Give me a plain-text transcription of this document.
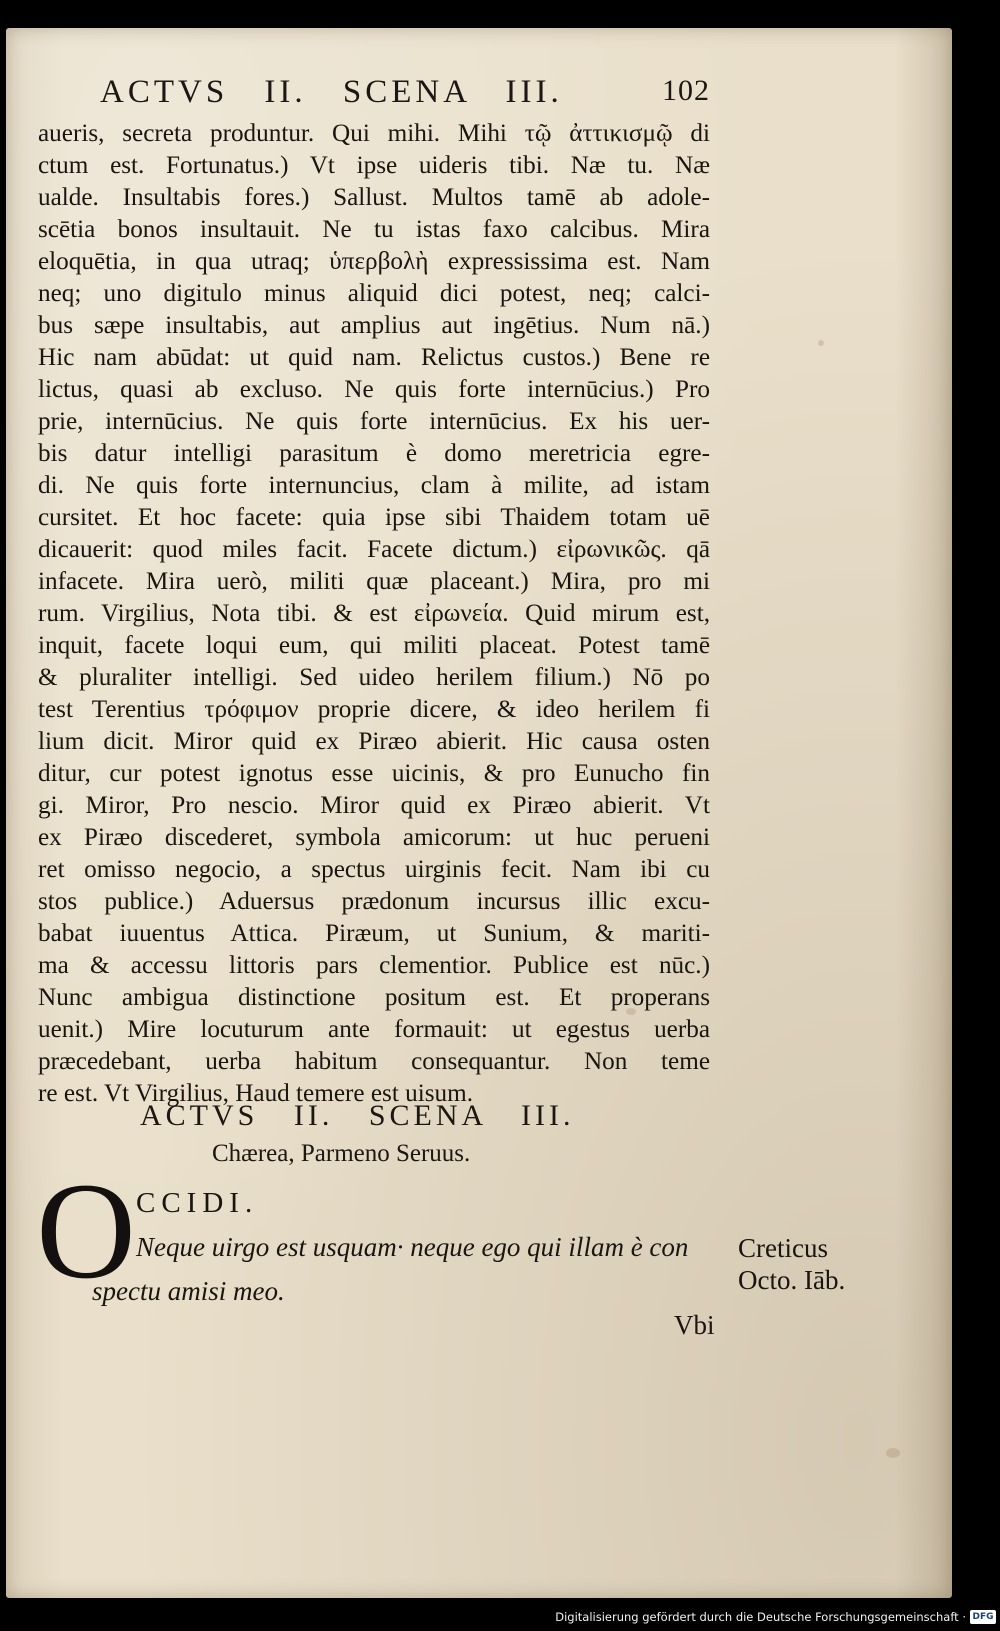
ACTVS II. SCENA III.	102
aueris, secreta produntur. Qui mihi. Mihi τῷ ἀττικισμῷ di
ctum est. Fortunatus.) Vt ipse uideris tibi. Næ tu. Næ
ualde. Insultabis fores.) Sallust. Multos tamē ab adole-
scētia bonos insultauit. Ne tu istas faxo calcibus. Mira
eloquētia, in qua utraq; ὑπερβολὴ expressissima est. Nam
neq; uno digitulo minus aliquid dici potest, neq; calci-
bus sæpe insultabis, aut amplius aut ingētius. Num nā.)
Hic nam abūdat: ut quid nam. Relictus custos.) Bene re
lictus, quasi ab excluso. Ne quis forte internūcius.) Pro
prie, internūcius. Ne quis forte internūcius. Ex his uer-
bis datur intelligi parasitum è domo meretricia egre-
di. Ne quis forte internuncius, clam à milite, ad istam
cursitet. Et hoc facete: quia ipse sibi Thaidem totam uē
dicauerit: quod miles facit. Facete dictum.) εἰρωνικῶς. qā
infacete. Mira uerò, militi quæ placeant.) Mira, pro mi
rum. Virgilius, Nota tibi. & est εἰρωνεία. Quid mirum est,
inquit, facete loqui eum, qui militi placeat. Potest tamē
& pluraliter intelligi. Sed uideo herilem filium.) Nō po
test Terentius τρόφιμον proprie dicere, & ideo herilem fi
lium dicit. Miror quid ex Piræo abierit. Hic causa osten
ditur, cur potest ignotus esse uicinis, & pro Eunucho fin
gi. Miror, Pro nescio. Miror quid ex Piræo abierit. Vt
ex Piræo discederet, symbola amicorum: ut huc perueni
ret omisso negocio, a spectus uirginis fecit. Nam ibi cu
stos publice.) Aduersus prædonum incursus illic excu-
babat iuuentus Attica. Piræum, ut Sunium, & mariti-
ma & accessu littoris pars clementior. Publice est nūc.)
Nunc ambigua distinctione positum est. Et properans
uenit.) Mire locuturum ante formauit: ut egestus uerba
præcedebant, uerba habitum consequantur. Non teme
re est. Vt Virgilius, Haud temere est uisum.
ACTVS II. SCENA III.
Chærea, Parmeno Seruus.
O CCIDI.
Neque uirgo est usquam· neque ego qui illam è con
spectu amisi meo.
Creticus
Octo. Iāb.
Vbi
Digitalisierung gefördert durch die Deutsche Forschungsgemeinschaft · DFG
